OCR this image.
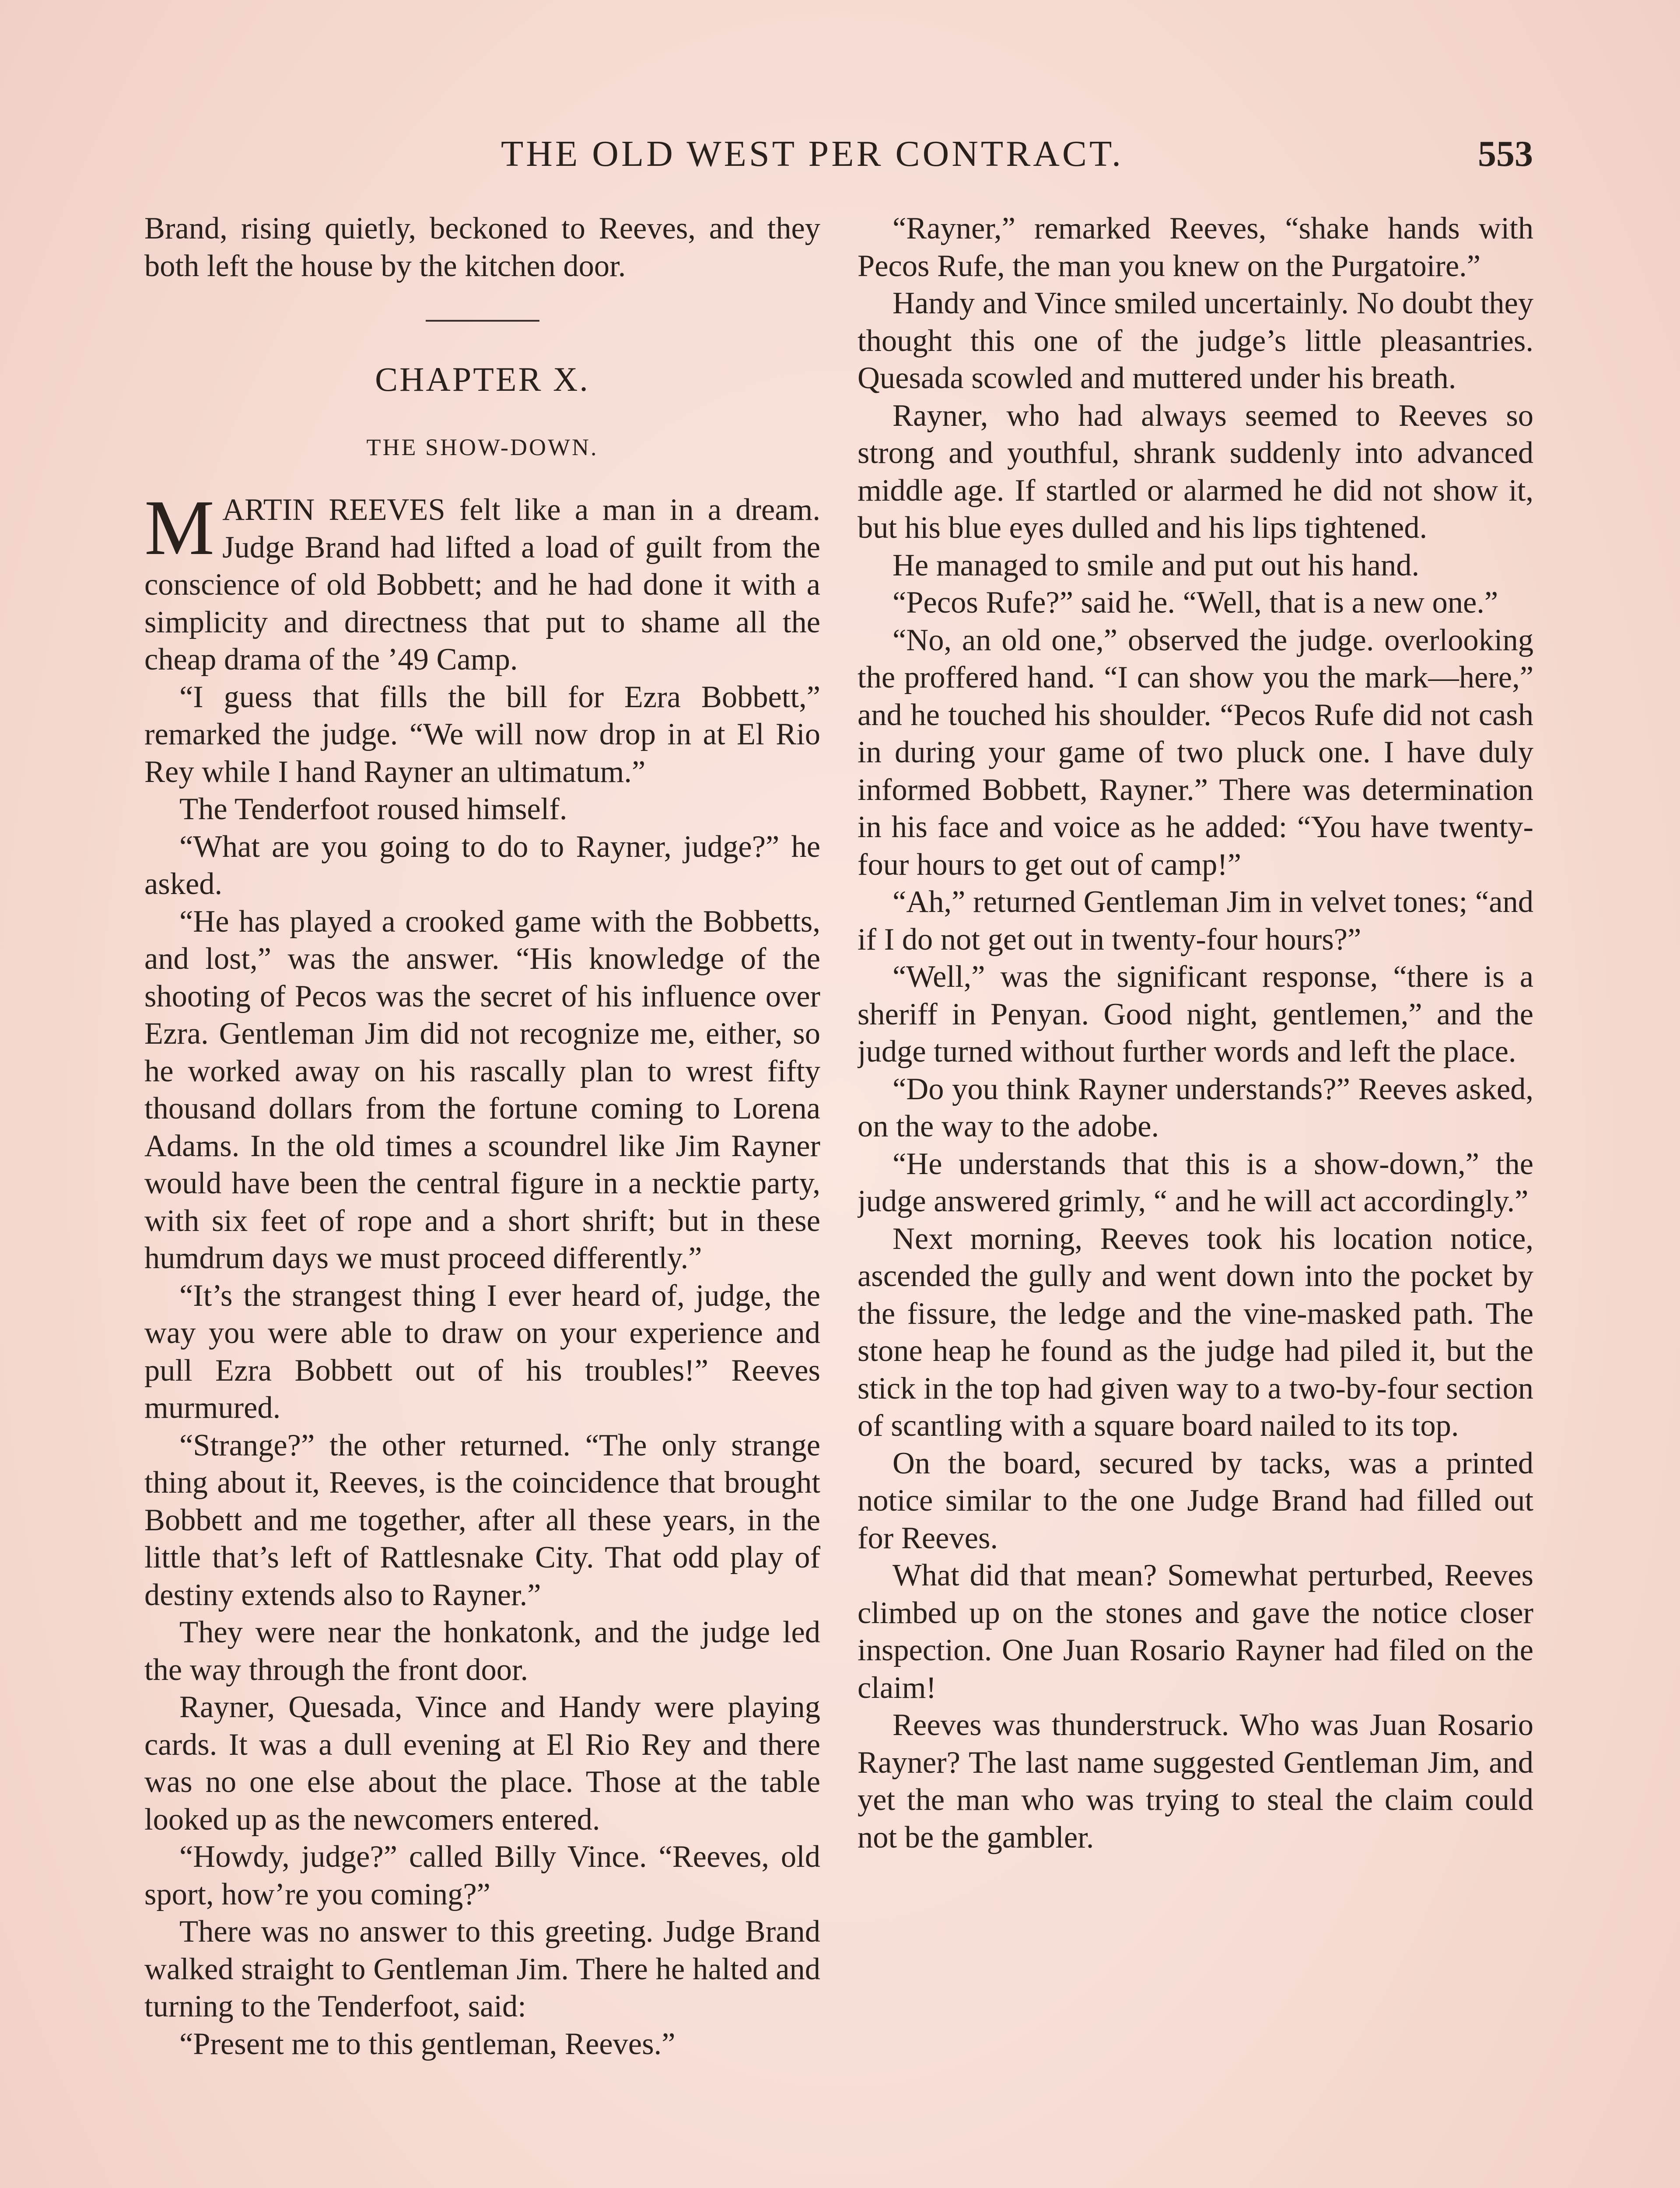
THE OLD WEST PER CONTRACT.	553

Brand, rising quietly, beckoned to Reeves, and they both left the house by the kitchen door.

CHAPTER X.
THE SHOW-DOWN.

MARTIN REEVES felt like a man in a dream. Judge Brand had lifted a load of guilt from the conscience of old Bobbett; and he had done it with a simplicity and directness that put to shame all the cheap drama of the ’49 Camp.

“I guess that fills the bill for Ezra Bobbett,” remarked the judge. “We will now drop in at El Rio Rey while I hand Rayner an ultimatum.”

The Tenderfoot roused himself.

“What are you going to do to Rayner, judge?” he asked.

“He has played a crooked game with the Bobbetts, and lost,” was the answer. “His knowledge of the shooting of Pecos was the secret of his influence over Ezra. Gentleman Jim did not recognize me, either, so he worked away on his rascally plan to wrest fifty thousand dollars from the fortune coming to Lorena Adams. In the old times a scoundrel like Jim Rayner would have been the central figure in a necktie party, with six feet of rope and a short shrift; but in these humdrum days we must proceed differently.”

“It’s the strangest thing I ever heard of, judge, the way you were able to draw on your experience and pull Ezra Bobbett out of his troubles!” Reeves murmured.

“Strange?” the other returned. “The only strange thing about it, Reeves, is the coincidence that brought Bobbett and me together, after all these years, in the little that’s left of Rattlesnake City. That odd play of destiny extends also to Rayner.”

They were near the honkatonk, and the judge led the way through the front door.

Rayner, Quesada, Vince and Handy were playing cards. It was a dull evening at El Rio Rey and there was no one else about the place. Those at the table looked up as the newcomers entered.

“Howdy, judge?” called Billy Vince. “Reeves, old sport, how’re you coming?”

There was no answer to this greeting. Judge Brand walked straight to Gentleman Jim. There he halted and turning to the Tenderfoot, said:

“Present me to this gentleman, Reeves.”

“Rayner,” remarked Reeves, “shake hands with Pecos Rufe, the man you knew on the Purgatoire.”

Handy and Vince smiled uncertainly. No doubt they thought this one of the judge’s little pleasantries. Quesada scowled and muttered under his breath.

Rayner, who had always seemed to Reeves so strong and youthful, shrank suddenly into advanced middle age. If startled or alarmed he did not show it, but his blue eyes dulled and his lips tightened.

He managed to smile and put out his hand.

“Pecos Rufe?” said he. “Well, that is a new one.”

“No, an old one,” observed the judge. overlooking the proffered hand. “I can show you the mark—here,” and he touched his shoulder. “Pecos Rufe did not cash in during your game of two pluck one. I have duly informed Bobbett, Rayner.” There was determination in his face and voice as he added: “You have twenty-four hours to get out of camp!”

“Ah,” returned Gentleman Jim in velvet tones; “and if I do not get out in twenty-four hours?”

“Well,” was the significant response, “there is a sheriff in Penyan. Good night, gentlemen,” and the judge turned without further words and left the place.

“Do you think Rayner understands?” Reeves asked, on the way to the adobe.

“He understands that this is a show-down,” the judge answered grimly, “ and he will act accordingly.”

Next morning, Reeves took his location notice, ascended the gully and went down into the pocket by the fissure, the ledge and the vine-masked path. The stone heap he found as the judge had piled it, but the stick in the top had given way to a two-by-four section of scantling with a square board nailed to its top.

On the board, secured by tacks, was a printed notice similar to the one Judge Brand had filled out for Reeves.

What did that mean? Somewhat perturbed, Reeves climbed up on the stones and gave the notice closer inspection. One Juan Rosario Rayner had filed on the claim!

Reeves was thunderstruck. Who was Juan Rosario Rayner? The last name suggested Gentleman Jim, and yet the man who was trying to steal the claim could not be the gambler.
